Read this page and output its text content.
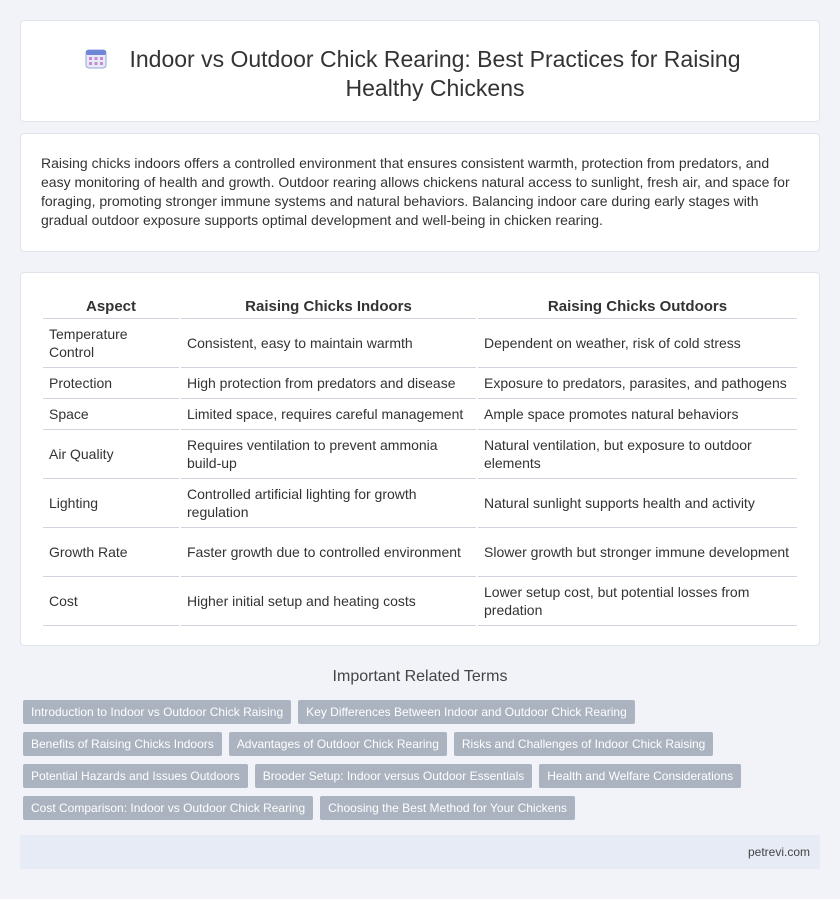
Indoor vs Outdoor Chick Rearing: Best Practices for Raising Healthy Chickens

Raising chicks indoors offers a controlled environment that ensures consistent warmth, protection from predators, and easy monitoring of health and growth. Outdoor rearing allows chickens natural access to sunlight, fresh air, and space for foraging, promoting stronger immune systems and natural behaviors. Balancing indoor care during early stages with gradual outdoor exposure supports optimal development and well-being in chicken rearing.

Aspect	Raising Chicks Indoors	Raising Chicks Outdoors
Temperature Control	Consistent, easy to maintain warmth	Dependent on weather, risk of cold stress
Protection	High protection from predators and disease	Exposure to predators, parasites, and pathogens
Space	Limited space, requires careful management	Ample space promotes natural behaviors
Air Quality	Requires ventilation to prevent ammonia build-up	Natural ventilation, but exposure to outdoor elements
Lighting	Controlled artificial lighting for growth regulation	Natural sunlight supports health and activity
Growth Rate	Faster growth due to controlled environment	Slower growth but stronger immune development
Cost	Higher initial setup and heating costs	Lower setup cost, but potential losses from predation
Important Related Terms
Introduction to Indoor vs Outdoor Chick Raising	Key Differences Between Indoor and Outdoor Chick Rearing
Benefits of Raising Chicks Indoors	Advantages of Outdoor Chick Rearing	Risks and Challenges of Indoor Chick Raising
Potential Hazards and Issues Outdoors	Brooder Setup: Indoor versus Outdoor Essentials	Health and Welfare Considerations
Cost Comparison: Indoor vs Outdoor Chick Rearing	Choosing the Best Method for Your Chickens
petrevi.com
